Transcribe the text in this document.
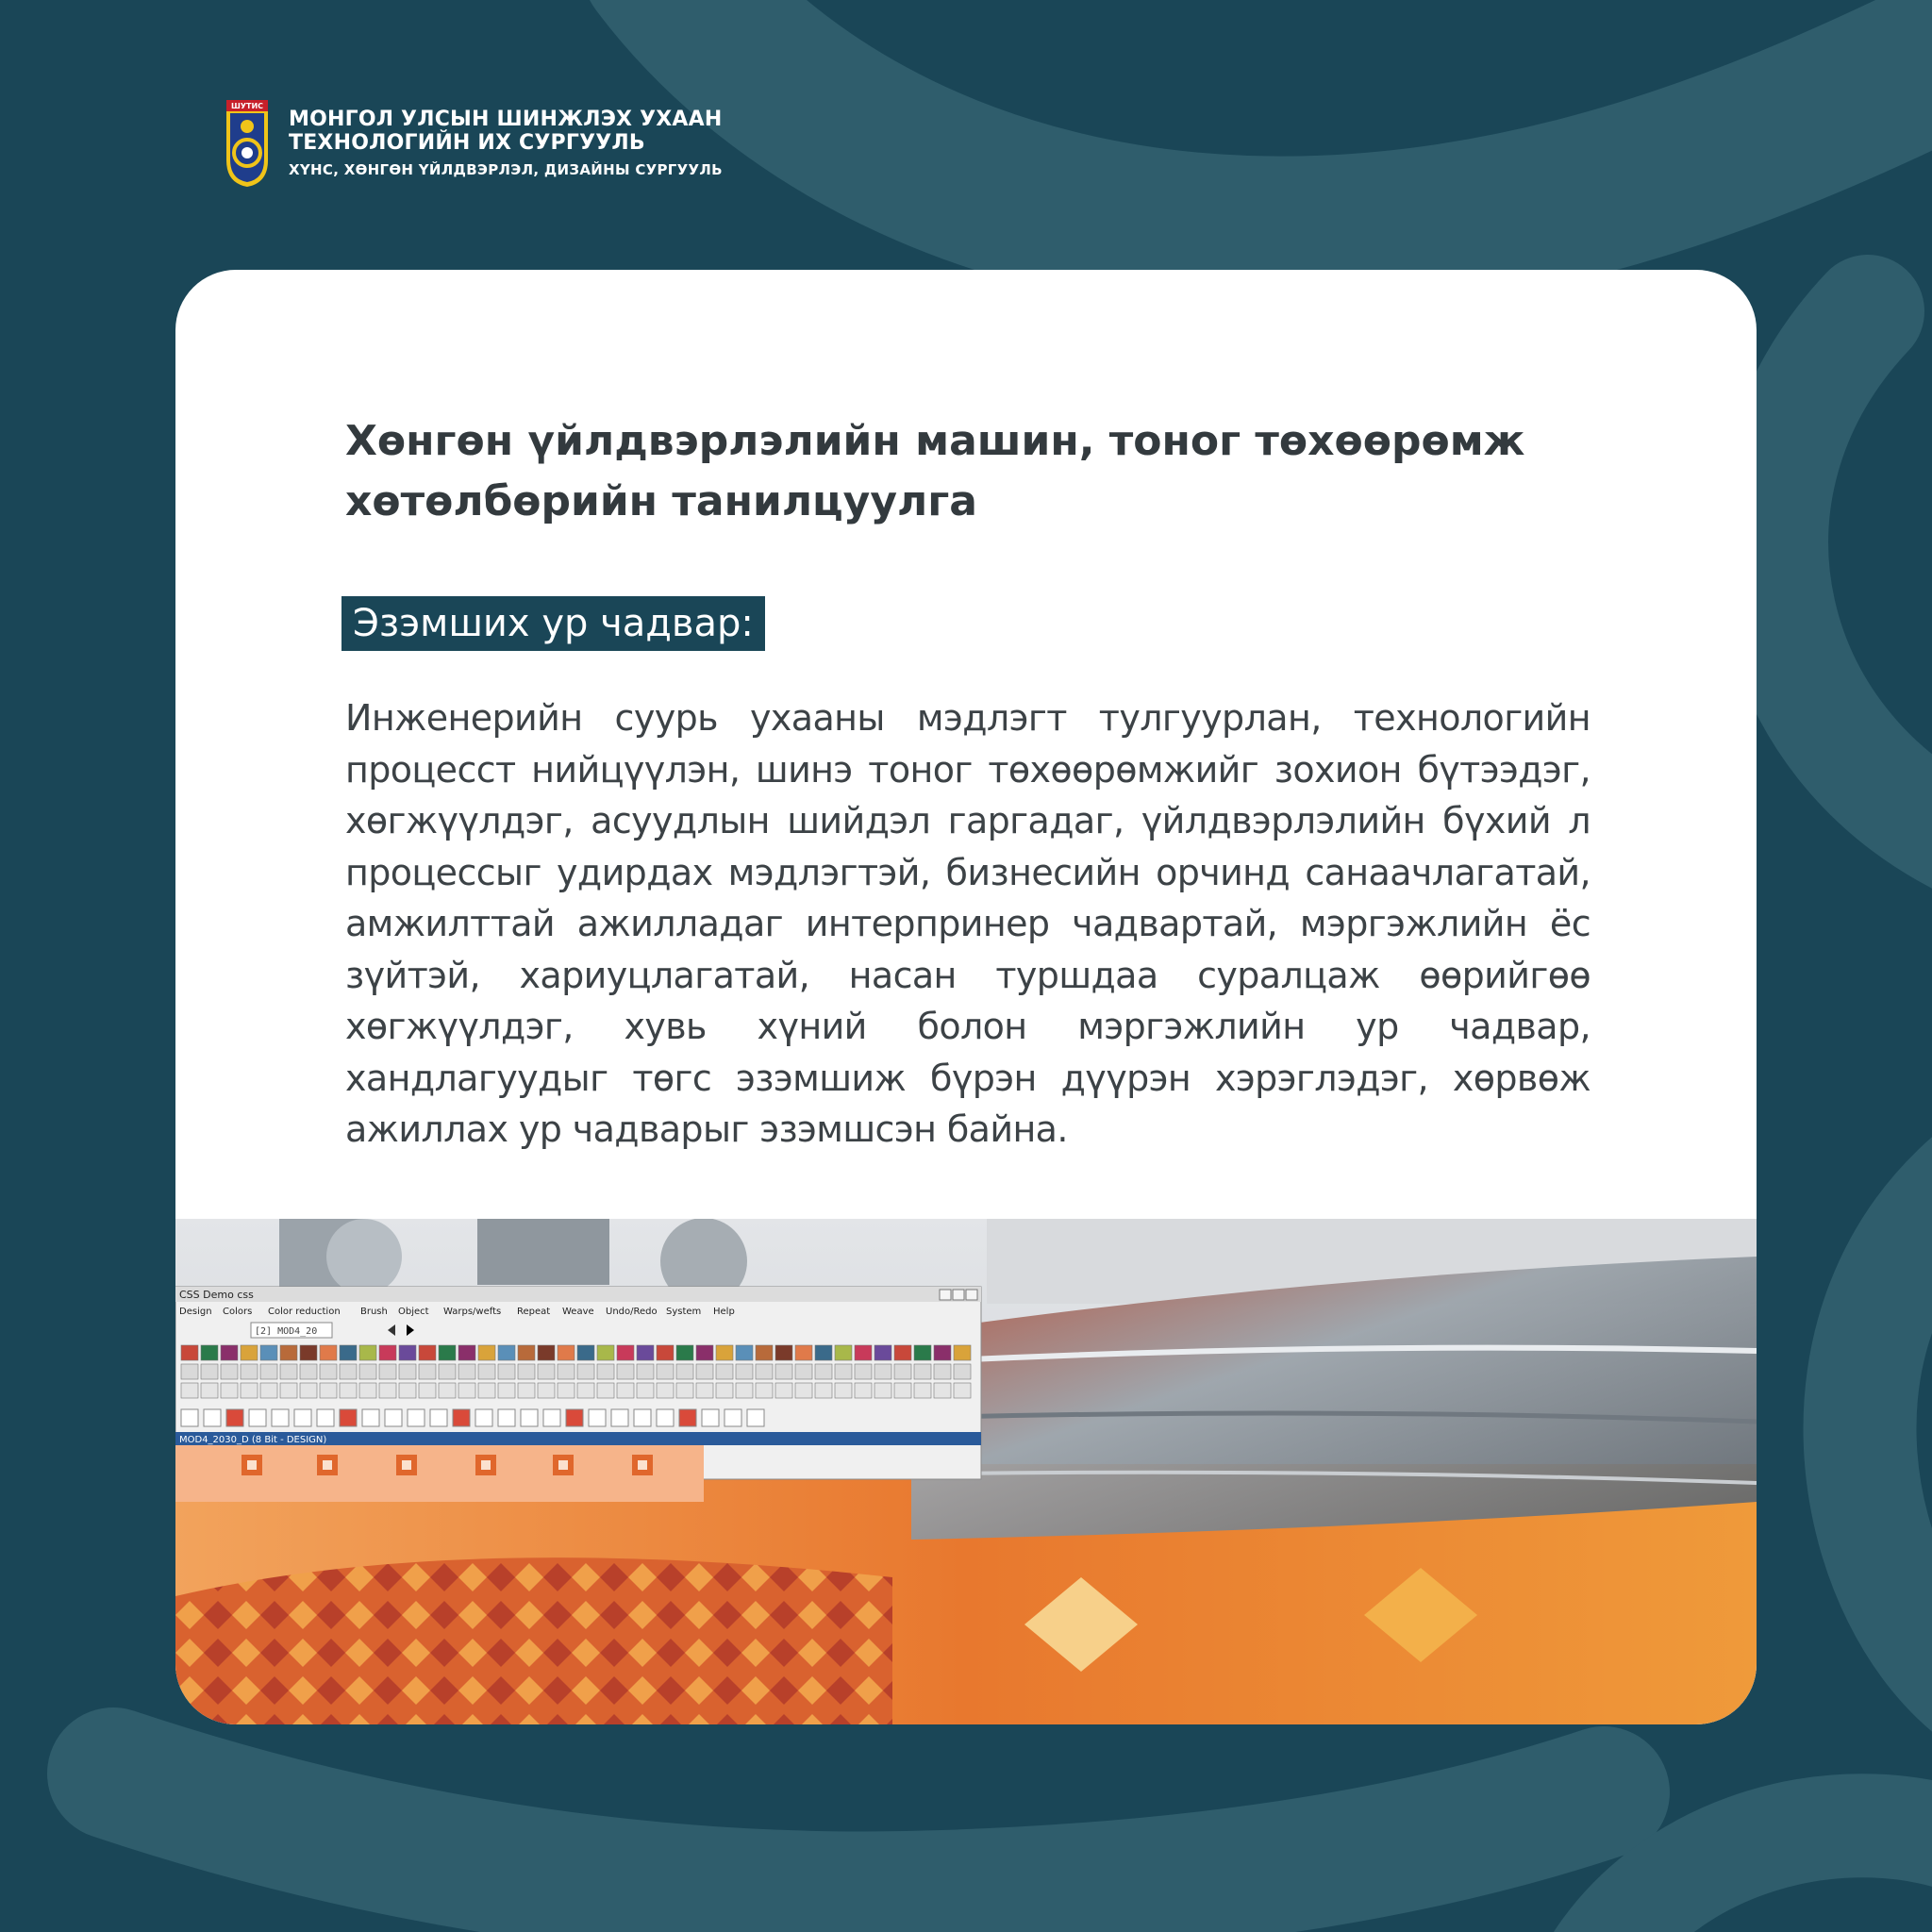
ШУТИС
МОНГОЛ УЛСЫН ШИНЖЛЭХ УХААН
ТЕХНОЛОГИЙН ИХ СУРГУУЛЬ
ХҮНС, ХӨНГӨН ҮЙЛДВЭРЛЭЛ, ДИЗАЙНЫ СУРГУУЛЬ
Хөнгөн үйлдвэрлэлийн машин, тоног төхөөрөмж хөтөлбөрийн танилцуулга
Эзэмших ур чадвар:

Инженерийн суурь ухааны мэдлэгт тулгуурлан, технологийн процесст нийцүүлэн, шинэ тоног төхөөрөмжийг зохион бүтээдэг, хөгжүүлдэг, асуудлын шийдэл гаргадаг, үйлдвэрлэлийн бүхий л процессыг удирдах мэдлэгтэй, бизнесийн орчинд санаачлагатай, амжилттай ажилладаг интерпринер чадвартай, мэргэжлийн ёс зүйтэй, хариуцлагатай, насан туршдаа суралцаж өөрийгөө хөгжүүлдэг, хувь хүний болон мэргэжлийн ур чадвар, хандлагуудыг төгс эзэмшиж бүрэн дүүрэн хэрэглэдэг, хөрвөж ажиллах ур чадварыг эзэмшсэн байна.

CSS Demo css
Design Colors Color reduction Brush Object Warps/wefts Repeat Weave Undo/Redo System Help
[2] MOD4_20
MOD4_2030_D (8 Bit - DESIGN)
